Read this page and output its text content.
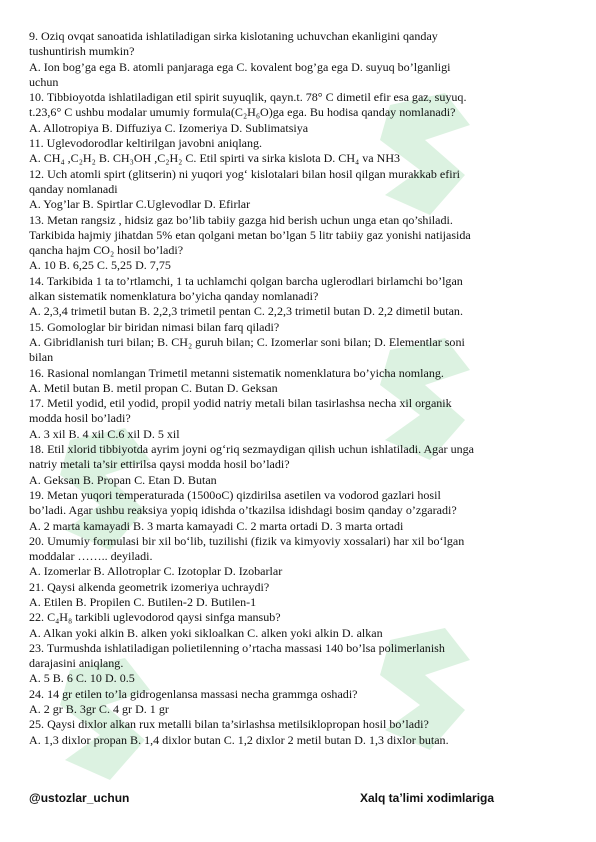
9. Oziq ovqat sanoatida ishlatiladigan sirka kislotaning uchuvchan ekanligini qanday
tushuntirish mumkin?
A. Ion bog’ga ega B. atomli panjaraga ega C. kovalent bog’ga ega D. suyuq bo’lganligi
uchun
10. Tibbioyotda ishlatiladigan etil spirit suyuqlik, qayn.t. 78° C dimetil efir esa gaz, suyuq.
t.23,6° C ushbu modalar umumiy formula(C₂H₆O)ga ega. Bu hodisa qanday nomlanadi?
A. Allotropiya B. Diffuziya C. Izomeriya D. Sublimatsiya
11. Uglevodorodlar keltirilgan javobni aniqlang.
A. CH₄ ,C₂H₂ B. CH₃OH ,C₂H₂ C. Etil spirti va sirka kislota D. CH₄ va NH3
12. Uch atomli spirt (glitserin) ni yuqori yog‘ kislotalari bilan hosil qilgan murakkab efiri
qanday nomlanadi
A. Yog’lar B. Spirtlar C.Uglevodlar D. Efirlar
13. Metan rangsiz , hidsiz gaz bo’lib tabiiy gazga hid berish uchun unga etan qo’shiladi.
Tarkibida hajmiy jihatdan 5% etan qolgani metan bo’lgan 5 litr tabiiy gaz yonishi natijasida
qancha hajm CO₂ hosil bo’ladi?
A. 10 B. 6,25 C. 5,25 D. 7,75
14. Tarkibida 1 ta to’rtlamchi, 1 ta uchlamchi qolgan barcha uglerodlari birlamchi bo’lgan
alkan sistematik nomenklatura bo’yicha qanday nomlanadi?
A. 2,3,4 trimetil butan B. 2,2,3 trimetil pentan C. 2,2,3 trimetil butan D. 2,2 dimetil butan.
15. Gomologlar bir biridan nimasi bilan farq qiladi?
A. Gibridlanish turi bilan; B. CH₂ guruh bilan; C. Izomerlar soni bilan; D. Elementlar soni
bilan
16. Rasional nomlangan Trimetil metanni sistematik nomenklatura bo’yicha nomlang.
A. Metil butan B. metil propan C. Butan D. Geksan
17. Metil yodid, etil yodid, propil yodid natriy metali bilan tasirlashsa necha xil organik
modda hosil bo’ladi?
A. 3 xil B. 4 xil C.6 xil D. 5 xil
18. Etil xlorid tibbiyotda ayrim joyni og‘riq sezmaydigan qilish uchun ishlatiladi. Agar unga
natriy metali ta’sir ettirilsa qaysi modda hosil bo’ladi?
A. Geksan B. Propan C. Etan D. Butan
19. Metan yuqori temperaturada (1500oC) qizdirilsa asetilen va vodorod gazlari hosil
bo’ladi. Agar ushbu reaksiya yopiq idishda o’tkazilsa idishdagi bosim qanday o’zgaradi?
A. 2 marta kamayadi B. 3 marta kamayadi C. 2 marta ortadi D. 3 marta ortadi
20. Umumiy formulasi bir xil bo‘lib, tuzilishi (fizik va kimyoviy xossalari) har xil bo‘lgan
moddalar …….. deyiladi.
A. Izomerlar B. Allotroplar C. Izotoplar D. Izobarlar
21. Qaysi alkenda geometrik izomeriya uchraydi?
A. Etilen B. Propilen C. Butilen-2 D. Butilen-1
22. C₄H₈ tarkibli uglevodorod qaysi sinfga mansub?
A. Alkan yoki alkin B. alken yoki sikloalkan C. alken yoki alkin D. alkan
23. Turmushda ishlatiladigan polietilenning o’rtacha massasi 140 bo’lsa polimerlanish
darajasini aniqlang.
A. 5 B. 6 C. 10 D. 0.5
24. 14 gr etilen to’la gidrogenlansa massasi necha grammga oshadi?
A. 2 gr B. 3gr C. 4 gr D. 1 gr
25. Qaysi dixlor alkan rux metalli bilan ta’sirlashsa metilsiklopropan hosil bo’ladi?
A. 1,3 dixlor propan B. 1,4 dixlor butan C. 1,2 dixlor 2 metil butan D. 1,3 dixlor butan.
@ustozlar_uchun	Xalq ta’limi xodimlariga
